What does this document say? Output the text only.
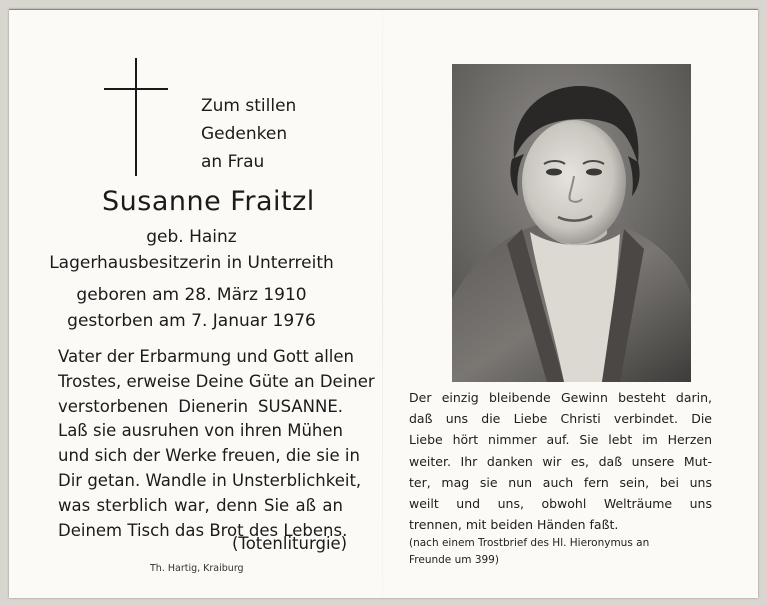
Zum stillen
Gedenken
an Frau
Susanne Fraitzl
geb. Hainz
Lagerhausbesitzerin in Unterreith
geboren am 28. März 1910
gestorben am 7. Januar 1976
Vater der Erbarmung und Gott allen
Trostes, erweise Deine Güte an Deiner
verstorbenen Dienerin SUSANNE.
Laß sie ausruhen von ihren Mühen
und sich der Werke freuen, die sie in
Dir getan. Wandle in Unsterblichkeit,
was sterblich war, denn Sie aß an
Deinem Tisch das Brot des Lebens.
(Totenliturgie)
Th. Hartig, Kraiburg
Der einzig bleibende Gewinn besteht darin,
daß uns die Liebe Christi verbindet. Die
Liebe hört nimmer auf. Sie lebt im Herzen
weiter. Ihr danken wir es, daß unsere Mut-
ter, mag sie nun auch fern sein, bei uns
weilt und uns, obwohl Welträume uns
trennen, mit beiden Händen faßt.
(nach einem Trostbrief des Hl. Hieronymus an
Freunde um 399)
